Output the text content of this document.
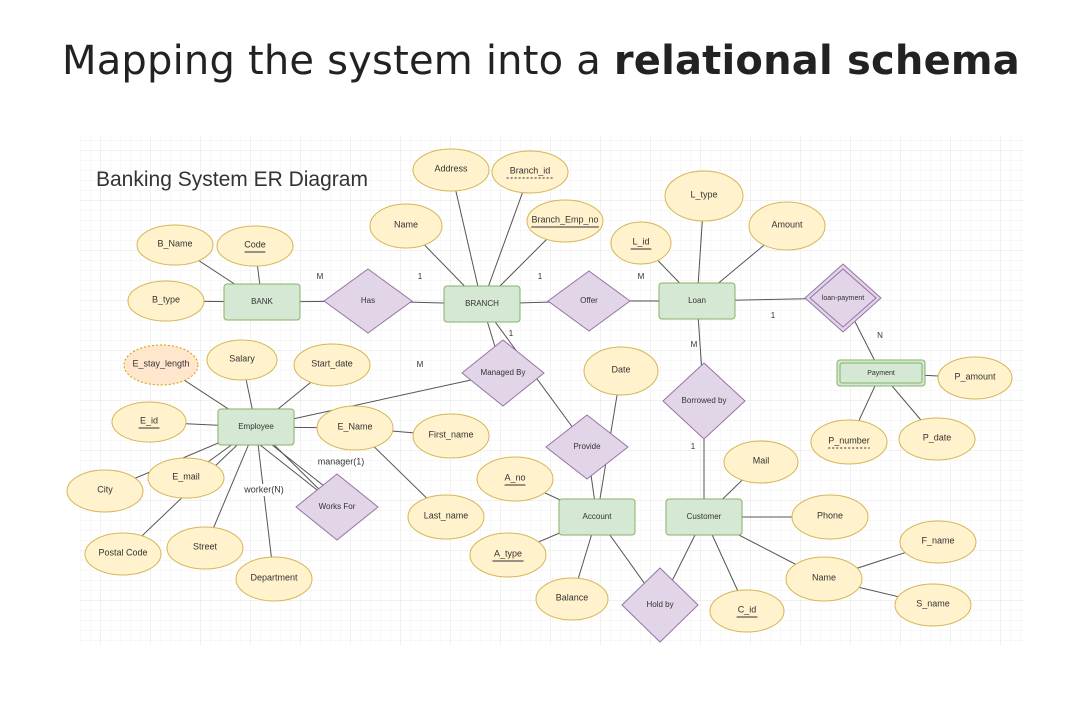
Mapping the system into a relational schema
Address	Branch_id
L_type
Name	Branch_Emp_no
L_id
Amount
B_Name	Code
B_type
E_stay_length	Salary	Start_date
Date
P_amount
E_id
E_Name
First_name
P_number	P_date
Mail
E_mail	A_no
City
Last_name	Phone
F_name
Street
Postal Code	A_type
Department	Name
Balance
C_id
S_name
Has	Offer	loan-payment
Managed By
Borrowed by
Provide
Works For
Hold by
BANK	BRANCH	Loan
Employee
Account	Customer
Payment
M	1	1	M
1
N
1
M
M
1
manager(1)
worker(N)
Banking System ER Diagram
